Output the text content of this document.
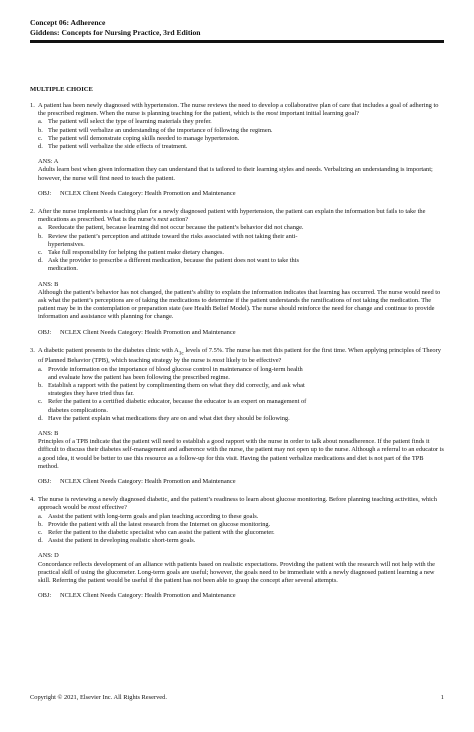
Concept 06: Adherence
Giddens: Concepts for Nursing Practice, 3rd Edition
MULTIPLE CHOICE
1. A patient has been newly diagnosed with hypertension. The nurse reviews the need to develop a collaborative plan of care that includes a goal of adhering to the prescribed regimen. When the nurse is planning teaching for the patient, which is the most important initial learning goal?
a. The patient will select the type of learning materials they prefer.
b. The patient will verbalize an understanding of the importance of following the regimen.
c. The patient will demonstrate coping skills needed to manage hypertension.
d. The patient will verbalize the side effects of treatment.
ANS: A
Adults learn best when given information they can understand that is tailored to their learning styles and needs. Verbalizing an understanding is important; however, the nurse will first need to teach the patient.
OBJ: NCLEX Client Needs Category: Health Promotion and Maintenance
2. After the nurse implements a teaching plan for a newly diagnosed patient with hypertension, the patient can explain the information but fails to take the medications as prescribed. What is the nurse’s next action?
a. Reeducate the patient, because learning did not occur because the patient’s behavior did not change.
b. Review the patient’s perception and attitude toward the risks associated with not taking their anti-hypertensives.
c. Take full responsibility for helping the patient make dietary changes.
d. Ask the provider to prescribe a different medication, because the patient does not want to take this medication.
ANS: B
Although the patient’s behavior has not changed, the patient’s ability to explain the information indicates that learning has occurred. The nurse would need to ask what the patient’s perceptions are of taking the medications to determine if the patient understands the ramifications of not taking the medication. The patient may be in the contemplation or preparation state (see Health Belief Model). The nurse should reinforce the need for change and continue to provide information and assistance with planning for change.
OBJ: NCLEX Client Needs Category: Health Promotion and Maintenance
3. A diabetic patient presents to the diabetes clinic with $A_{1c}$ levels of 7.5%. The nurse has met this patient for the first time. When applying principles of Theory of Planned Behavior (TPB), which teaching strategy by the nurse is most likely to be effective?
a. Provide information on the importance of blood glucose control in maintenance of long-term health and evaluate how the patient has been following the prescribed regime.
b. Establish a rapport with the patient by complimenting them on what they did correctly, and ask what strategies they have tried thus far.
c. Refer the patient to a certified diabetic educator, because the educator is an expert on management of diabetes complications.
d. Have the patient explain what medications they are on and what diet they should be following.
ANS: B
Principles of a TPB indicate that the patient will need to establish a good rapport with the nurse in order to talk about nonadherence. If the patient finds it difficult to discuss their diabetes self-management and adherence with the nurse, the patient may not open up to the nurse. Although a referral to an educator is a good idea, it would be better to use this resource as a follow-up for this visit. Having the patient verbalize medications and diet is not part of the TPB method.
OBJ: NCLEX Client Needs Category: Health Promotion and Maintenance
4. The nurse is reviewing a newly diagnosed diabetic, and the patient’s readiness to learn about glucose monitoring. Before planning teaching activities, which approach would be most effective?
a. Assist the patient with long-term goals and plan teaching according to these goals.
b. Provide the patient with all the latest research from the Internet on glucose monitoring.
c. Refer the patient to the diabetic specialist who can assist the patient with the glucometer.
d. Assist the patient in developing realistic short-term goals.
ANS: D
Concordance reflects development of an alliance with patients based on realistic expectations. Providing the patient with the research will not help with the practical skill of using the glucometer. Long-term goals are useful; however, the goals need to be immediate with a newly diagnosed patient learning a new skill. Referring the patient would be useful if the patient has not been able to grasp the concept after several attempts.
OBJ: NCLEX Client Needs Category: Health Promotion and Maintenance
Copyright © 2021, Elsevier Inc. All Rights Reserved.	1
